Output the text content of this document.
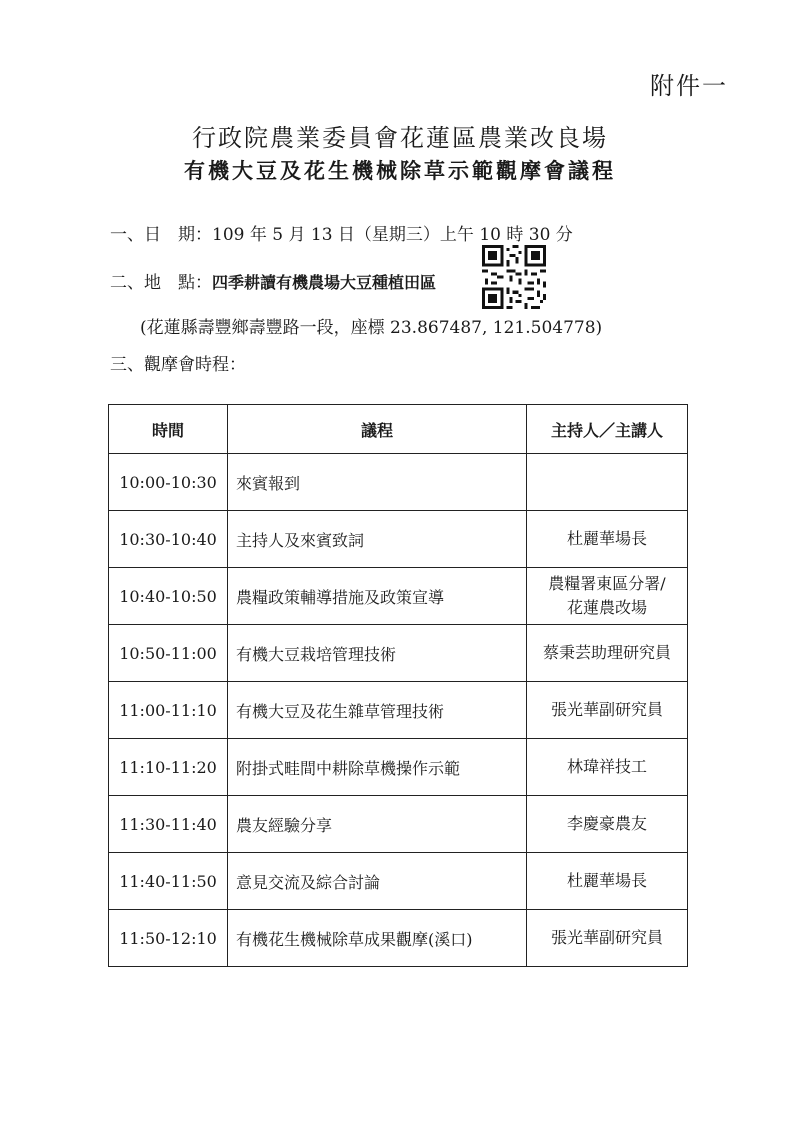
附件一
行政院農業委員會花蓮區農業改良場
有機大豆及花生機械除草示範觀摩會議程
一、日　期：109 年 5 月 13 日（星期三）上午 10 時 30 分
二、地　點：四季耕讀有機農場大豆種植田區
(花蓮縣壽豐鄉壽豐路一段，座標 23.867487, 121.504778)
三、觀摩會時程：
時間	議程	主持人／主講人
10:00-10:30	來賓報到	

10:30-10:40	主持人及來賓致詞	杜麗華場長

10:40-10:50	農糧政策輔導措施及政策宣導	農糧署東區分署/
花蓮農改場

10:50-11:00	有機大豆栽培管理技術	蔡秉芸助理研究員

11:00-11:10	有機大豆及花生雜草管理技術	張光華副研究員

11:10-11:20	附掛式畦間中耕除草機操作示範	林瑋祥技工

11:30-11:40	農友經驗分享	李慶豪農友

11:40-11:50	意見交流及綜合討論	杜麗華場長

11:50-12:10	有機花生機械除草成果觀摩(溪口)	張光華副研究員
